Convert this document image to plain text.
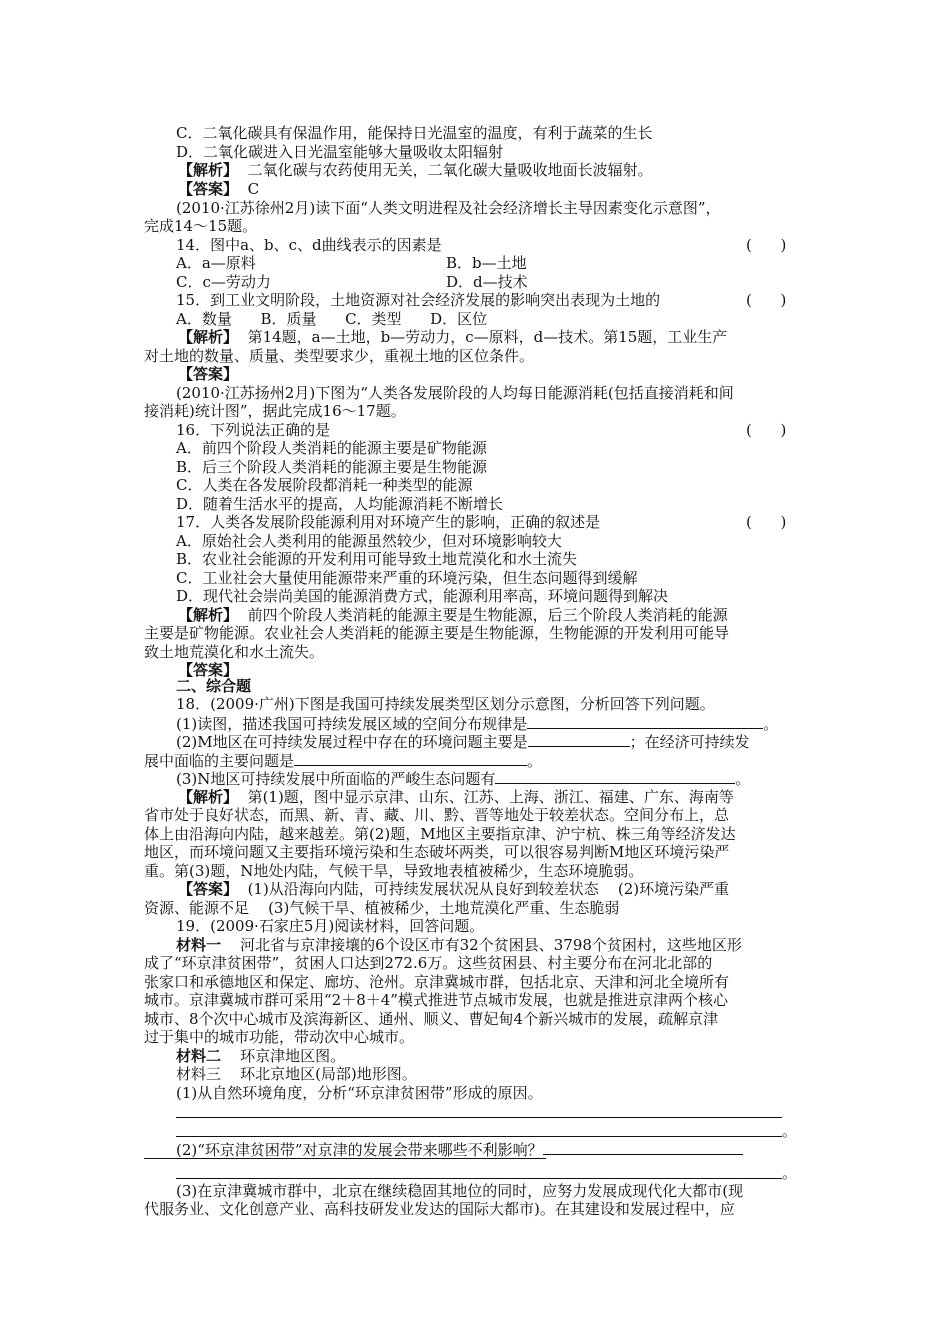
C．二氧化碳具有保温作用，能保持日光温室的温度，有利于蔬菜的生长
D．二氧化碳进入日光温室能够大量吸收太阳辐射
【解析】 二氧化碳与农药使用无关，二氧化碳大量吸收地面长波辐射。
【答案】 C
(2010·江苏徐州2月)读下面“人类文明进程及社会经济增长主导因素变化示意图”，
完成14～15题。
14．图中a、b、c、d曲线表示的因素是	(      )
A．a—原料	B．b—土地
C．c—劳动力	D．d—技术
15．到工业文明阶段，土地资源对社会经济发展的影响突出表现为土地的	(      )
A．数量      B．质量      C．类型      D．区位
【解析】 第14题，a—土地，b—劳动力，c—原料，d—技术。第15题，工业生产
对土地的数量、质量、类型要求少，重视土地的区位条件。
【答案】
(2010·江苏扬州2月)下图为“人类各发展阶段的人均每日能源消耗(包括直接消耗和间
接消耗)统计图”，据此完成16～17题。
16．下列说法正确的是	(      )
A．前四个阶段人类消耗的能源主要是矿物能源
B．后三个阶段人类消耗的能源主要是生物能源
C．人类在各发展阶段都消耗一种类型的能源
D．随着生活水平的提高，人均能源消耗不断增长
17．人类各发展阶段能源利用对环境产生的影响，正确的叙述是	(      )
A．原始社会人类利用的能源虽然较少，但对环境影响较大
B．农业社会能源的开发利用可能导致土地荒漠化和水土流失
C．工业社会大量使用能源带来严重的环境污染，但生态问题得到缓解
D．现代社会崇尚美国的能源消费方式，能源利用率高，环境问题得到解决
【解析】 前四个阶段人类消耗的能源主要是生物能源，后三个阶段人类消耗的能源
主要是矿物能源。农业社会人类消耗的能源主要是生物能源，生物能源的开发利用可能导
致土地荒漠化和水土流失。
【答案】
二、综合题
18．(2009·广州)下图是我国可持续发展类型区划分示意图，分析回答下列问题。
(1)读图，描述我国可持续发展区域的空间分布规律是	。
(2)M地区在可持续发展过程中存在的环境问题主要是	；在经济可持续发
展中面临的主要问题是	。
(3)N地区可持续发展中所面临的严峻生态问题有	。
【解析】 第(1)题，图中显示京津、山东、江苏、上海、浙江、福建、广东、海南等
省市处于良好状态，而黑、新、青、藏、川、黔、晋等地处于较差状态。空间分布上，总
体上由沿海向内陆，越来越差。第(2)题，M地区主要指京津、沪宁杭、株三角等经济发达
地区，而环境问题又主要指环境污染和生态破坏两类，可以很容易判断M地区环境污染严
重。第(3)题，N地处内陆，气候干旱，导致地表植被稀少，生态环境脆弱。
【答案】 (1)从沿海向内陆，可持续发展状况从良好到较差状态    (2)环境污染严重
资源、能源不足    (3)气候干旱、植被稀少，土地荒漠化严重、生态脆弱
19．(2009·石家庄5月)阅读材料，回答问题。
材料一 河北省与京津接壤的6个设区市有32个贫困县、3798个贫困村，这些地区形
成了“环京津贫困带”，贫困人口达到272.6万。这些贫困县、村主要分布在河北北部的
张家口和承德地区和保定、廊坊、沧州。京津冀城市群，包括北京、天津和河北全境所有
城市。京津冀城市群可采用“2＋8＋4”模式推进节点城市发展，也就是推进京津两个核心
城市、8个次中心城市及滨海新区、通州、顺义、曹妃甸4个新兴城市的发展，疏解京津
过于集中的城市功能，带动次中心城市。
材料二 环京津地区图。
材料三    环北京地区(局部)地形图。
(1)从自然环境角度，分析“环京津贫困带”形成的原因。
。
(2)“环京津贫困带”对京津的发展会带来哪些不利影响？
。
(3)在京津冀城市群中，北京在继续稳固其地位的同时，应努力发展成现代化大都市(现
代服务业、文化创意产业、高科技研发业发达的国际大都市)。在其建设和发展过程中，应
